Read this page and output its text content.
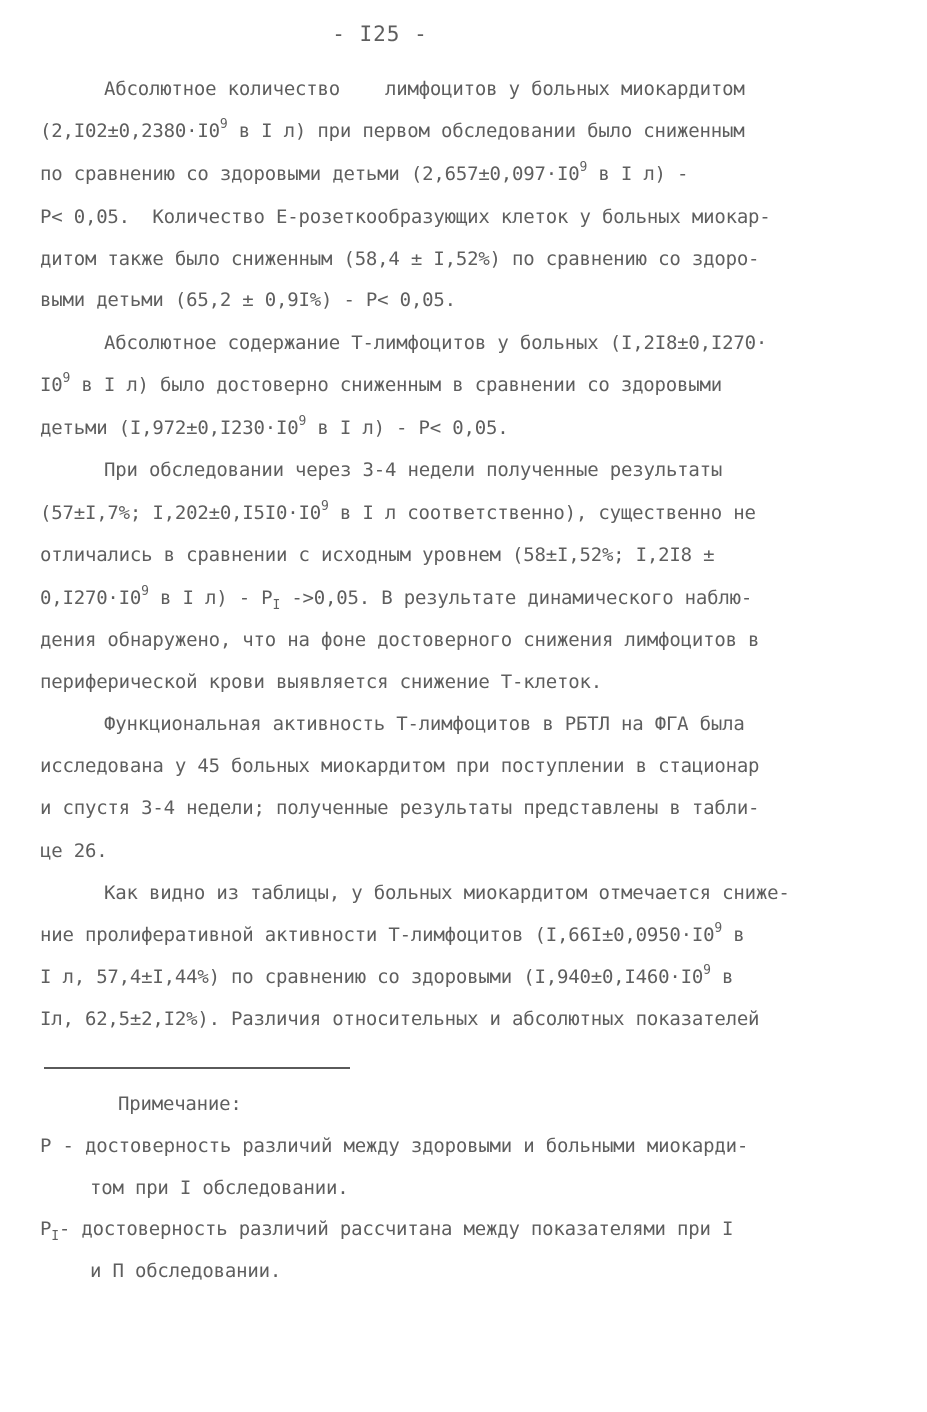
- I25 -
Абсолютное количество    лимфоцитов у больных миокардитом
($2,I02\pm 0,2380\cdot I0^9$ в I л) при первом обследовании было сниженным
по сравнению со здоровыми детьми ($2,657\pm 0,097\cdot I0^9$ в I л) -
P< 0,05.  Количество Е-розеткообразующих клеток у больных миокар-
дитом также было сниженным (58,4 ± I,52%) по сравнению со здоро-
выми детьми (65,2 ± 0,9I%) - P< 0,05.
Абсолютное содержание Т-лимфоцитов у больных (I,2I8±0,I270·
$I0^9$ в I л) было достоверно сниженным в сравнении со здоровыми
детьми ($I,972\pm 0,I230\cdot I0^9$ в I л) - P< 0,05.
При обследовании через 3-4 недели полученные результаты
(57±I,7%; $I,202\pm 0,I5I0\cdot I0^9$ в I л соответственно), существенно не
отличались в сравнении с исходным уровнем (58±I,52%; I,2I8 ±
$0,I270\cdot I0^9$ в I $л) - P_I$ ->0,05. В результате динамического наблю-
дения обнаружено, что на фоне достоверного снижения лимфоцитов в
периферической крови выявляется снижение Т-клеток.
Функциональная активность Т-лимфоцитов в РБТЛ на ФГА была
исследована у 45 больных миокардитом при поступлении в стационар
и спустя 3-4 недели; полученные результаты представлены в табли-
це 26.
Как видно из таблицы, у больных миокардитом отмечается сниже-
ние пролиферативной активности Т-лимфоцитов ($I,66I\pm 0,0950\cdot I0^9$ в
I л, 57,4±I,44%) по сравнению со здоровыми ($I,940\pm 0,I460\cdot I0^9$ в
Iл, 62,5±2,I2%). Различия относительных и абсолютных показателей
Примечание:
P - достоверность различий между здоровыми и больными миокарди-
том при I обследовании.
$P_I-$ достоверность различий рассчитана между показателями при I
и П обследовании.
